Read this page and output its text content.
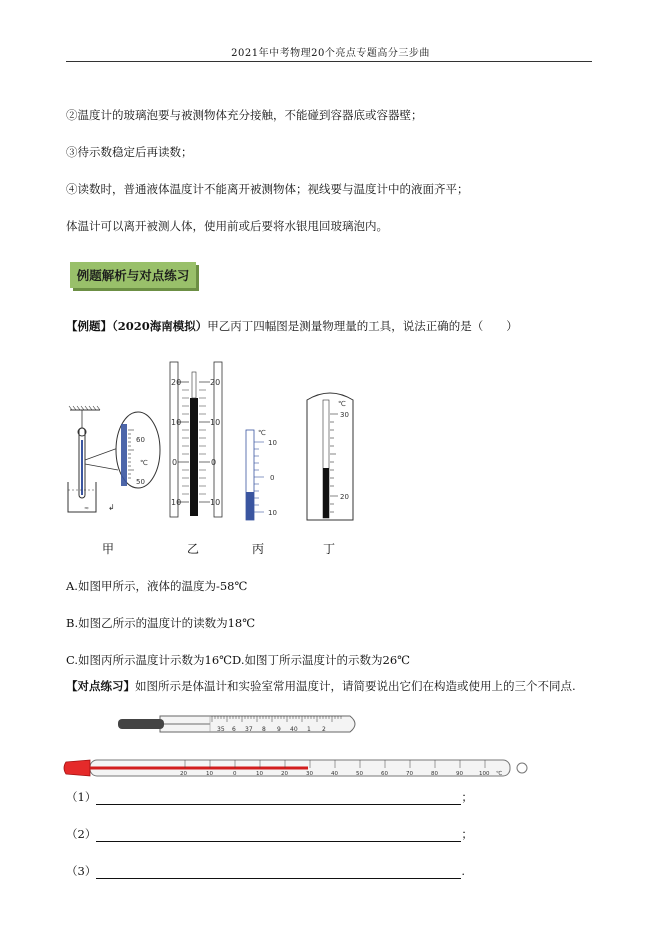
2021年中考物理20个亮点专题高分三步曲
②温度计的玻璃泡要与被测物体充分接触，不能碰到容器底或容器壁；
③待示数稳定后再读数；
④读数时，普通液体温度计不能离开被测物体；视线要与温度计中的液面齐平；
体温计可以离开被测人体，使用前或后要将水银甩回玻璃泡内。
例题解析与对点练习
【例题】（2020海南模拟）甲乙丙丁四幅图是测量物理量的工具，说法正确的是（　　）
≈
60
℃
50
↲
20
10
0
10
20
10
0
10
℃
10
0
10
℃
30
20
甲	乙	丙	丁
A.如图甲所示，液体的温度为-58℃
B.如图乙所示的温度计的读数为18℃
C.如图丙所示温度计示数为16℃D.如图丁所示温度计的示数为26℃
【对点练习】如图所示是体温计和实验室常用温度计，请简要说出它们在构造或使用上的三个不同点.
35 6 37 8 9 40 1 2
20	10	0	10	20	30	40	50	60	70	80	90	100 ℃
（1）	；
（2）	；
（3）	.
